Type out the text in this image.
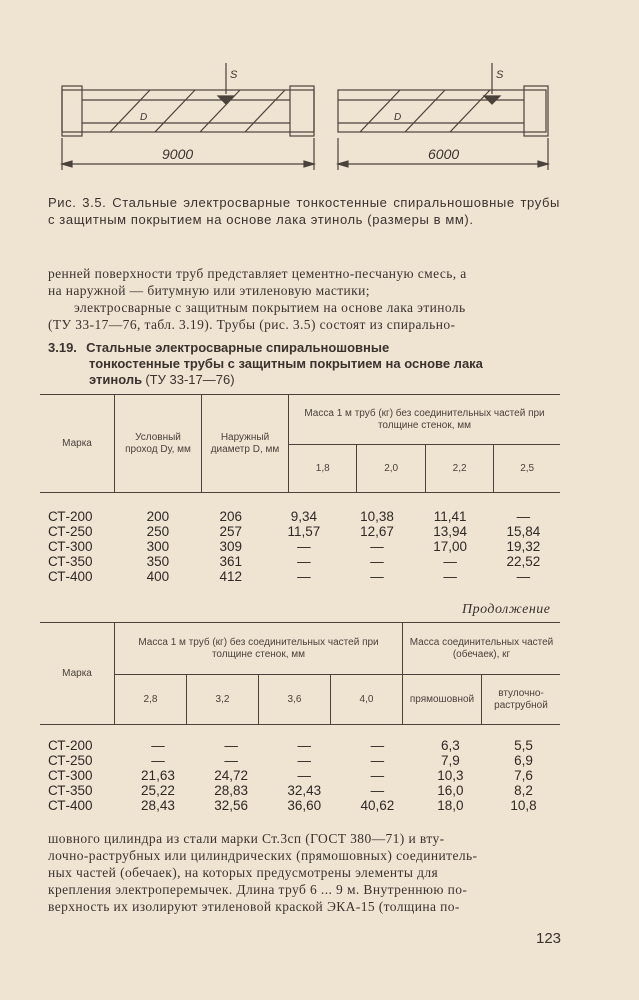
9000	6000
S	S
D	D
Рис. 3.5. Стальные электросварные тонкостенные спиральношовные трубы с защитным покрытием на основе лака этиноль (размеры в мм).
ренней поверхности труб представляет цементно-песчаную смесь, а
на наружной — битумную или этиленовую мастики;
электросварные с защитным покрытием на основе лака этиноль
(ТУ 33-17—76, табл. 3.19). Трубы (рис. 3.5) состоят из спирально-
3.19. Стальные электросварные спиральношовные
тонкостенные трубы с защитным покрытием на основе лака
этиноль (ТУ 33-17—76)
Марка	Условный проход Dу, мм	Наружный диаметр D, мм	Масса 1 м труб (кг) без соединительных частей при толщине стенок, мм			
			1,8	2,0	2,2	2,5
СТ-200	200	206	9,34	10,38	11,41	—
СТ-250	250	257	11,57	12,67	13,94	15,84
СТ-300	300	309	—	—	17,00	19,32
СТ-350	350	361	—	—	—	22,52
СТ-400	400	412	—	—	—	—
Продолжение
Марка	Масса 1 м труб (кг) без соединительных частей при толщине стенок, мм				Масса соединительных частей (обечаек), кг	
	2,8	3,2	3,6	4,0	прямошовной	втулочно-раструбной
СТ-200	—	—	—	—	6,3	5,5
СТ-250	—	—	—	—	7,9	6,9
СТ-300	21,63	24,72	—	—	10,3	7,6
СТ-350	25,22	28,83	32,43	—	16,0	8,2
СТ-400	28,43	32,56	36,60	40,62	18,0	10,8
шовного цилиндра из стали марки Ст.3сп (ГОСТ 380—71) и вту-
лочно-раструбных или цилиндрических (прямошовных) соединитель-
ных частей (обечаек), на которых предусмотрены элементы для
крепления электроперемычек. Длина труб 6 ... 9 м. Внутреннюю по-
верхность их изолируют этиленовой краской ЭКА-15 (толщина по-
123
